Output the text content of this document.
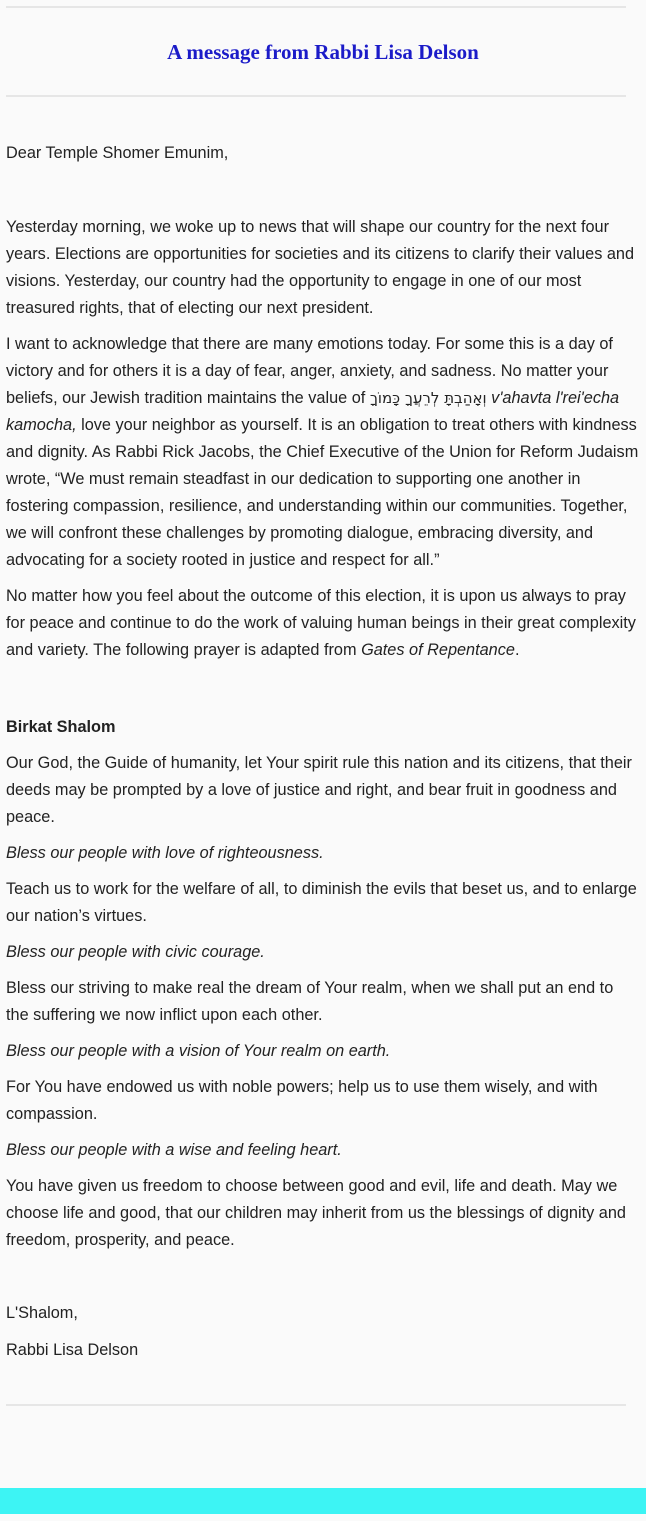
A message from Rabbi Lisa Delson

Dear Temple Shomer Emunim,

Yesterday morning, we woke up to news that will shape our country for the next four years. Elections are opportunities for societies and its citizens to clarify their values and visions. Yesterday, our country had the opportunity to engage in one of our most treasured rights, that of electing our next president.

I want to acknowledge that there are many emotions today. For some this is a day of victory and for others it is a day of fear, anger, anxiety, and sadness. No matter your beliefs, our Jewish tradition maintains the value of וְאָהַבְתָּ לְרֵעֲךָ כָּמוֹךָ v'ahavta l'rei'echa kamocha, love your neighbor as yourself. It is an obligation to treat others with kindness and dignity. As Rabbi Rick Jacobs, the Chief Executive of the Union for Reform Judaism wrote, “We must remain steadfast in our dedication to supporting one another in fostering compassion, resilience, and understanding within our communities. Together, we will confront these challenges by promoting dialogue, embracing diversity, and advocating for a society rooted in justice and respect for all.”

No matter how you feel about the outcome of this election, it is upon us always to pray for peace and continue to do the work of valuing human beings in their great complexity and variety. The following prayer is adapted from Gates of Repentance.

Birkat Shalom

Our God, the Guide of humanity, let Your spirit rule this nation and its citizens, that their deeds may be prompted by a love of justice and right, and bear fruit in goodness and peace.

Bless our people with love of righteousness.

Teach us to work for the welfare of all, to diminish the evils that beset us, and to enlarge our nation’s virtues.

Bless our people with civic courage.

Bless our striving to make real the dream of Your realm, when we shall put an end to the suffering we now inflict upon each other.

Bless our people with a vision of Your realm on earth.

For You have endowed us with noble powers; help us to use them wisely, and with compassion.

Bless our people with a wise and feeling heart.

You have given us freedom to choose between good and evil, life and death. May we choose life and good, that our children may inherit from us the blessings of dignity and freedom, prosperity, and peace.

L'Shalom,

Rabbi Lisa Delson
